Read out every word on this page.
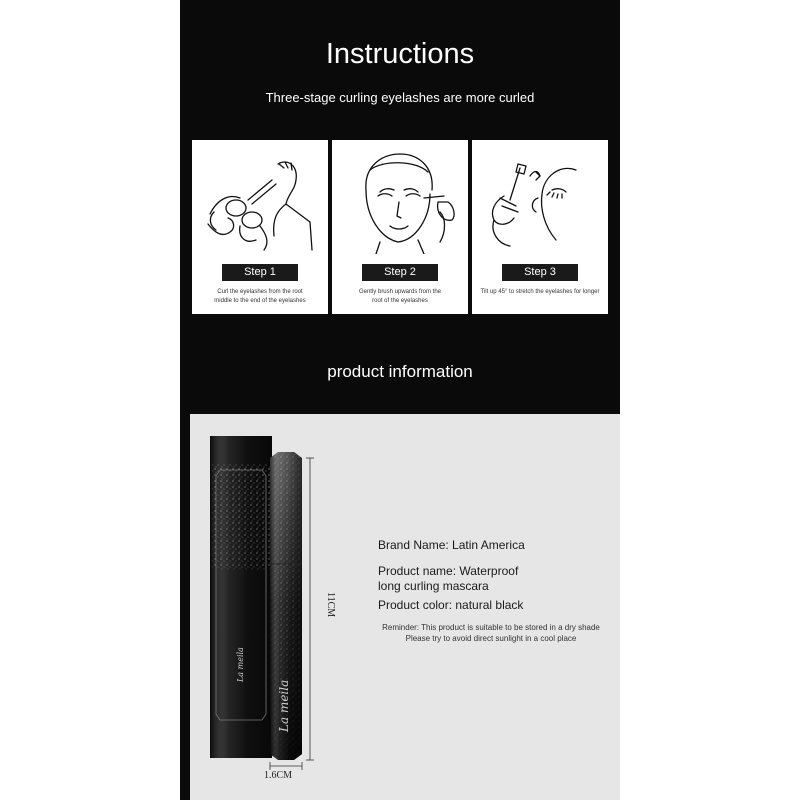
Instructions
Three-stage curling eyelashes are more curled
Step 1
Curl the eyelashes from the root
middle to the end of the eyelashes
Step 2
Gently brush upwards from the
root of the eyelashes
Step 3
Tilt up 45° to stretch the eyelashes for longer
product information
La meila
La meila
11CM
1.6CM
Brand Name: Latin America
Product name: Waterproof
long curling mascara
Product color: natural black
Reminder: This product is suitable to be stored in a dry shade
Please try to avoid direct sunlight in a cool place
